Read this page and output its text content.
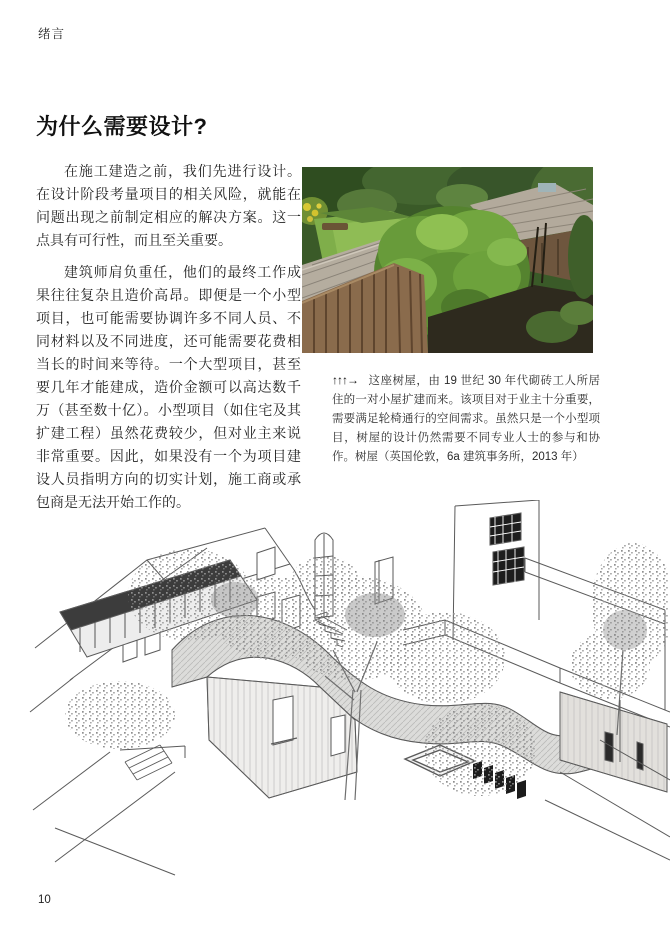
绪言
为什么需要设计?

在施工建造之前，我们先进行设计。在设计阶段考量项目的相关风险，就能在问题出现之前制定相应的解决方案。这一点具有可行性，而且至关重要。

建筑师肩负重任，他们的最终工作成果往往复杂且造价高昂。即便是一个小型项目，也可能需要协调许多不同人员、不同材料以及不同进度，还可能需要花费相当长的时间来等待。一个大型项目，甚至要几年才能建成，造价金额可以高达数千万（甚至数十亿）。小型项目（如住宅及其扩建工程）虽然花费较少，但对业主来说非常重要。因此，如果没有一个为项目建设人员指明方向的切实计划，施工商或承包商是无法开始工作的。

↑↑↑→ 这座树屋，由 19 世纪 30 年代砌砖工人所居住的一对小屋扩建而来。该项目对于业主十分重要，需要满足轮椅通行的空间需求。虽然只是一个小型项目，树屋的设计仍然需要不同专业人士的参与和协作。树屋（英国伦敦，6a 建筑事务所，2013 年）
10
